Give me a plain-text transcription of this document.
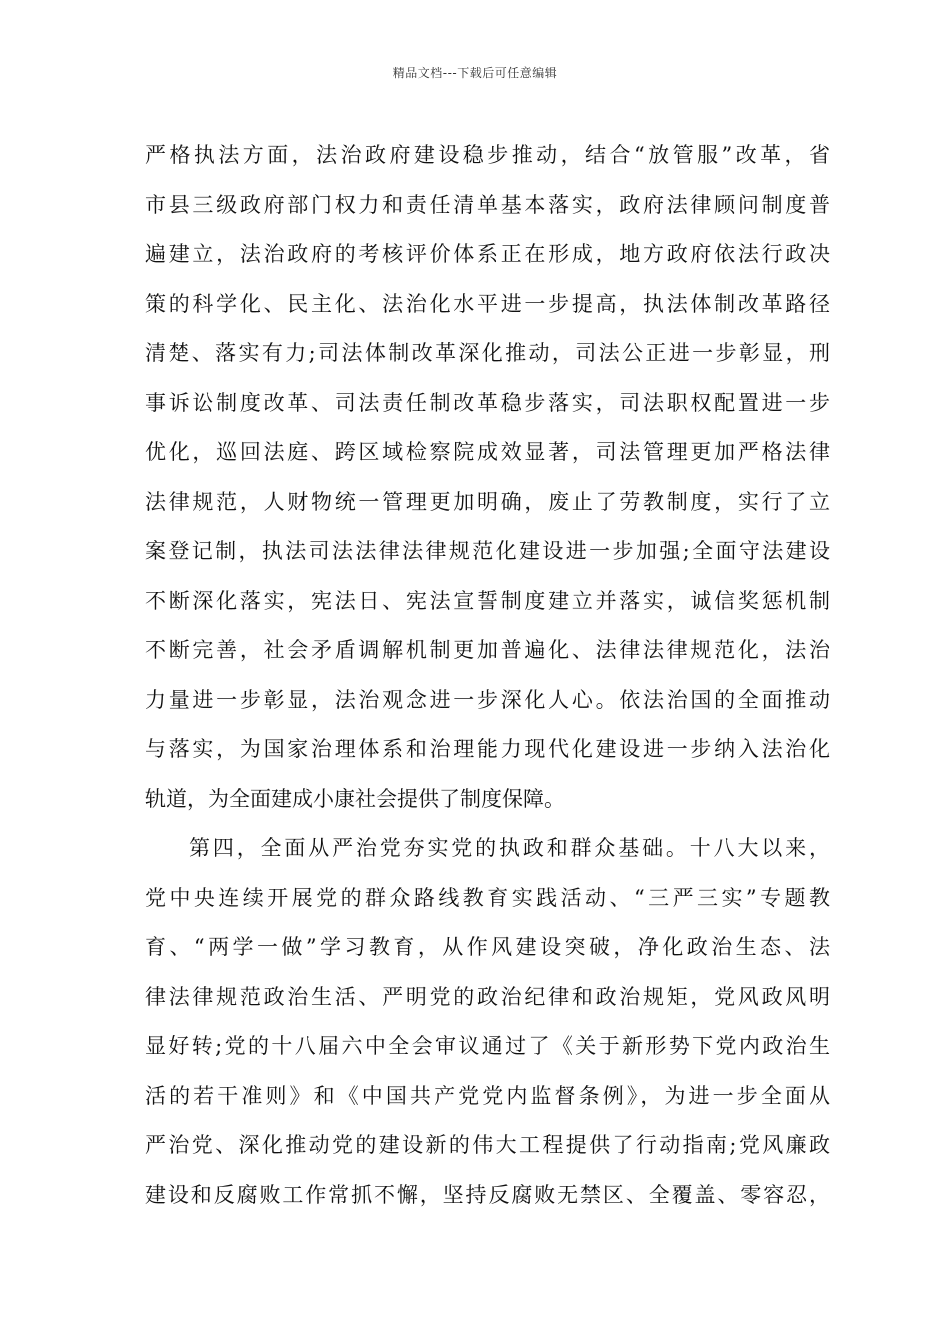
精品文档---下载后可任意编辑
严格执法方面，法治政府建设稳步推动，结合“放管服”改革，省
市县三级政府部门权力和责任清单基本落实，政府法律顾问制度普
遍建立，法治政府的考核评价体系正在形成，地方政府依法行政决
策的科学化、民主化、法治化水平进一步提高，执法体制改革路径
清楚、落实有力;司法体制改革深化推动，司法公正进一步彰显，刑
事诉讼制度改革、司法责任制改革稳步落实，司法职权配置进一步
优化，巡回法庭、跨区域检察院成效显著，司法管理更加严格法律
法律规范，人财物统一管理更加明确，废止了劳教制度，实行了立
案登记制，执法司法法律法律规范化建设进一步加强;全面守法建设
不断深化落实，宪法日、宪法宣誓制度建立并落实，诚信奖惩机制
不断完善，社会矛盾调解机制更加普遍化、法律法律规范化，法治
力量进一步彰显，法治观念进一步深化人心。依法治国的全面推动
与落实，为国家治理体系和治理能力现代化建设进一步纳入法治化
轨道，为全面建成小康社会提供了制度保障。
第四，全面从严治党夯实党的执政和群众基础。十八大以来，
党中央连续开展党的群众路线教育实践活动、“三严三实”专题教
育、“两学一做”学习教育，从作风建设突破，净化政治生态、法
律法律规范政治生活、严明党的政治纪律和政治规矩，党风政风明
显好转;党的十八届六中全会审议通过了《关于新形势下党内政治生
活的若干准则》和《中国共产党党内监督条例》，为进一步全面从
严治党、深化推动党的建设新的伟大工程提供了行动指南;党风廉政
建设和反腐败工作常抓不懈，坚持反腐败无禁区、全覆盖、零容忍，
